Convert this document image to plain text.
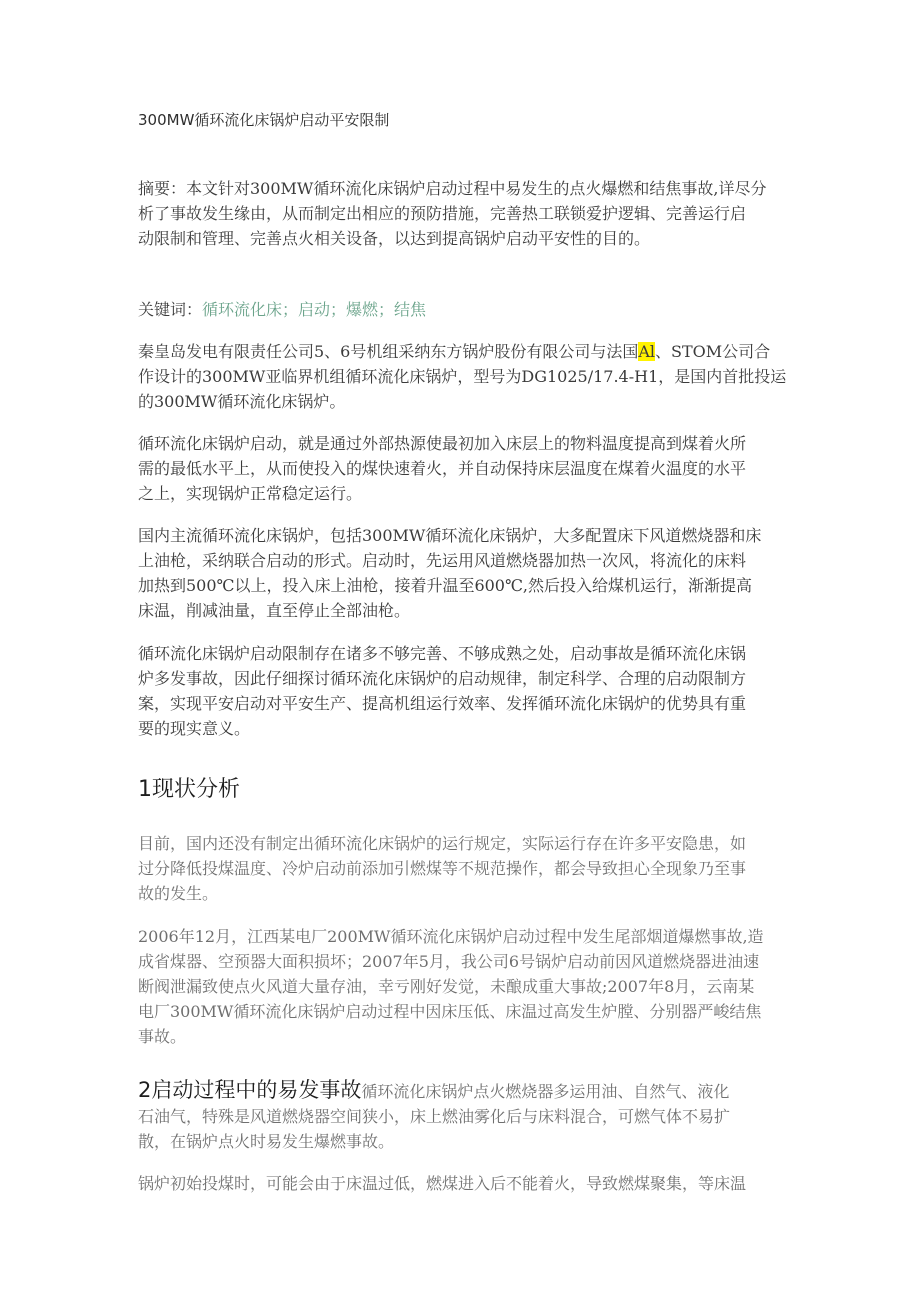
300MW循环流化床锅炉启动平安限制
摘要：本文针对300MW循环流化床锅炉启动过程中易发生的点火爆燃和结焦事故,详尽分
析了事故发生缘由，从而制定出相应的预防措施，完善热工联锁爱护逻辑、完善运行启
动限制和管理、完善点火相关设备，以达到提高锅炉启动平安性的目的。
关键词：循环流化床；启动；爆燃；结焦
秦皇岛发电有限责任公司5、6号机组采纳东方锅炉股份有限公司与法国Al、STOM公司合
作设计的300MW亚临界机组循环流化床锅炉，型号为DG1025/17.4-H1，是国内首批投运
的300MW循环流化床锅炉。
循环流化床锅炉启动，就是通过外部热源使最初加入床层上的物料温度提高到煤着火所
需的最低水平上，从而使投入的煤快速着火，并自动保持床层温度在煤着火温度的水平
之上，实现锅炉正常稳定运行。
国内主流循环流化床锅炉，包括300MW循环流化床锅炉，大多配置床下风道燃烧器和床
上油枪，采纳联合启动的形式。启动时，先运用风道燃烧器加热一次风，将流化的床料
加热到500℃以上，投入床上油枪，接着升温至600℃,然后投入给煤机运行，渐渐提高
床温，削减油量，直至停止全部油枪。
循环流化床锅炉启动限制存在诸多不够完善、不够成熟之处，启动事故是循环流化床锅
炉多发事故，因此仔细探讨循环流化床锅炉的启动规律，制定科学、合理的启动限制方
案，实现平安启动对平安生产、提高机组运行效率、发挥循环流化床锅炉的优势具有重
要的现实意义。
1现状分析
目前，国内还没有制定出循环流化床锅炉的运行规定，实际运行存在许多平安隐患，如
过分降低投煤温度、冷炉启动前添加引燃煤等不规范操作，都会导致担心全现象乃至事
故的发生。
2006年12月，江西某电厂200MW循环流化床锅炉启动过程中发生尾部烟道爆燃事故,造
成省煤器、空预器大面积损坏；2007年5月，我公司6号锅炉启动前因风道燃烧器进油速
断阀泄漏致使点火风道大量存油，幸亏刚好发觉，未酿成重大事故;2007年8月，云南某
电厂300MW循环流化床锅炉启动过程中因床压低、床温过高发生炉膛、分别器严峻结焦
事故。
2启动过程中的易发事故循环流化床锅炉点火燃烧器多运用油、自然气、液化
石油气，特殊是风道燃烧器空间狭小，床上燃油雾化后与床料混合，可燃气体不易扩
散，在锅炉点火时易发生爆燃事故。
锅炉初始投煤时，可能会由于床温过低，燃煤进入后不能着火，导致燃煤聚集，等床温
